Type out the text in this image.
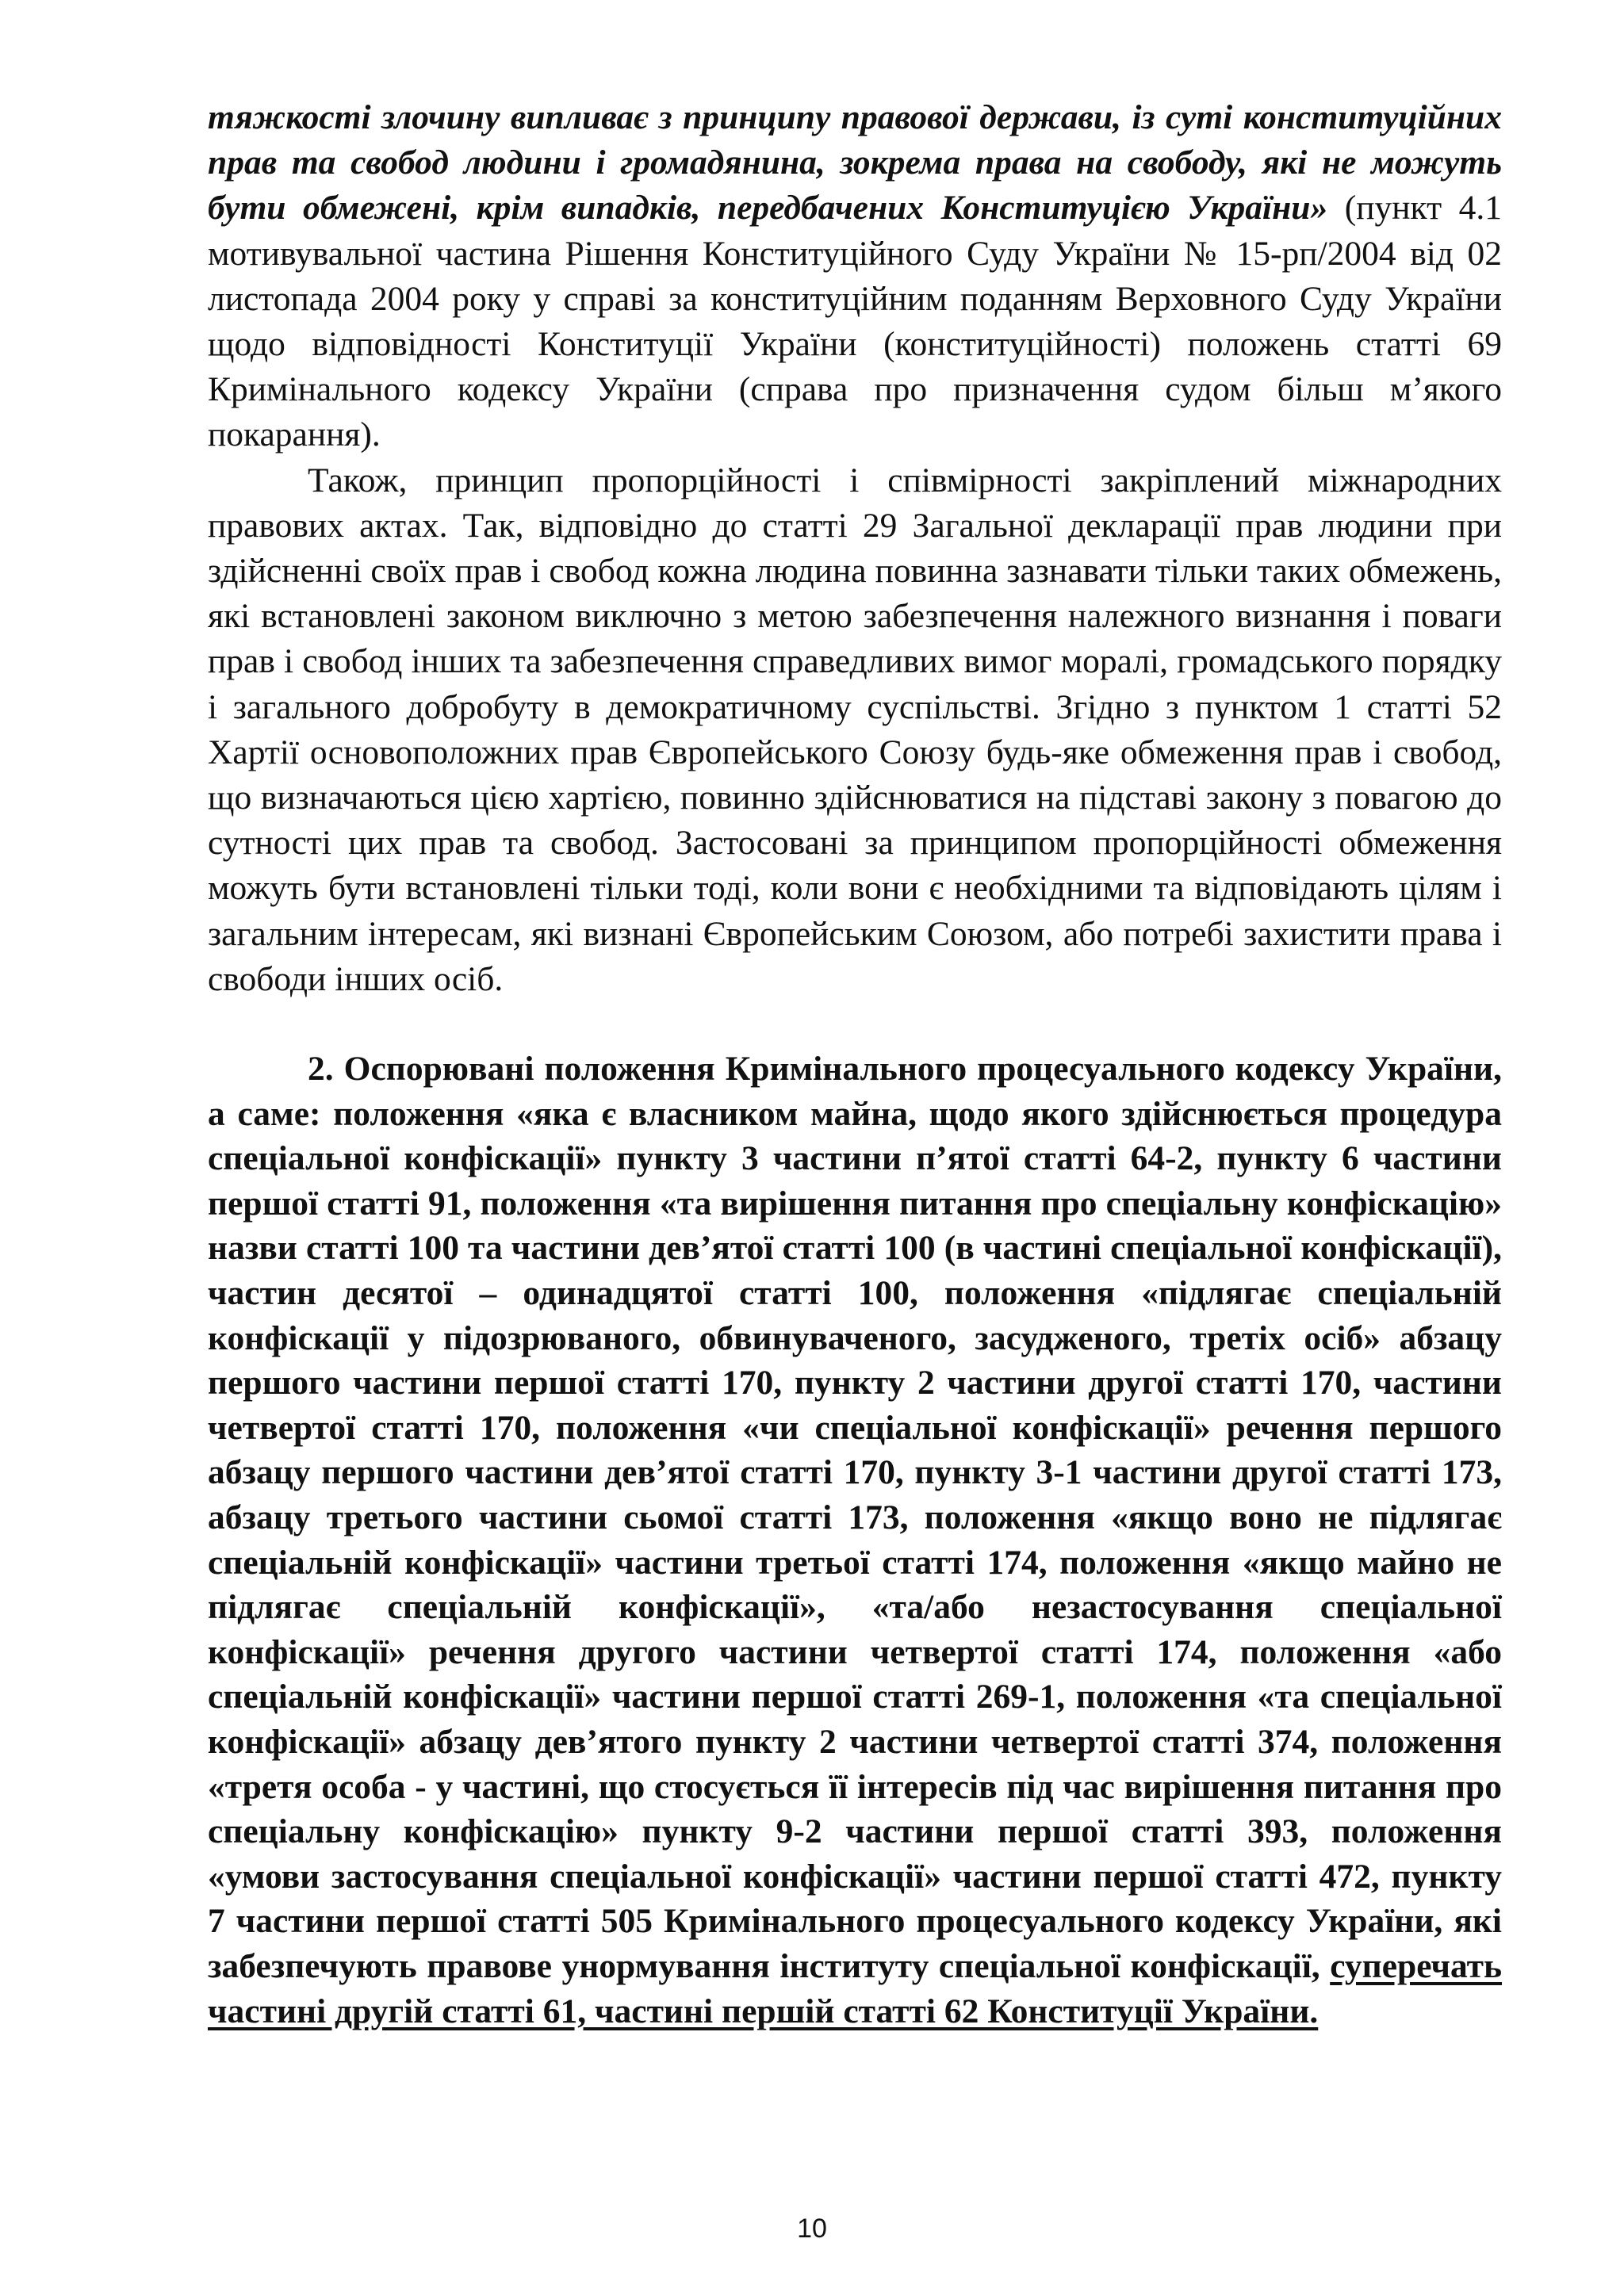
тяжкості злочину випливає з принципу правової держави, із суті конституційних прав та свобод людини і громадянина, зокрема права на свободу, які не можуть бути обмежені, крім випадків, передбачених Конституцією України» (пункт 4.1 мотивувальної частина Рішення Конституційного Суду України № 15-рп/2004 від 02 листопада 2004 року у справі за конституційним поданням Верховного Суду України щодо відповідності Конституції України (конституційності) положень статті 69 Кримінального кодексу України (справа про призначення судом більш м’якого покарання).

Також, принцип пропорційності і співмірності закріплений міжнародних правових актах. Так, відповідно до статті 29 Загальної декларації прав людини при здійсненні своїх прав і свобод кожна людина повинна зазнавати тільки таких обмежень, які встановлені законом виключно з метою забезпечення належного визнання і поваги прав і свобод інших та забезпечення справедливих вимог моралі, громадського порядку і загального добробуту в демократичному суспільстві. Згідно з пунктом 1 статті 52 Хартії основоположних прав Європейського Союзу будь-яке обмеження прав і свобод, що визначаються цією хартією, повинно здійснюватися на підставі закону з повагою до сутності цих прав та свобод. Застосовані за принципом пропорційності обмеження можуть бути встановлені тільки тоді, коли вони є необхідними та відповідають цілям і загальним інтересам, які визнані Європейським Союзом, або потребі захистити права і свободи інших осіб.

2. Оспорювані положення Кримінального процесуального кодексу України, а саме: положення «яка є власником майна, щодо якого здійснюється процедура спеціальної конфіскації» пункту 3 частини п’ятої статті 64-2, пункту 6 частини першої статті 91, положення «та вирішення питання про спеціальну конфіскацію» назви статті 100 та частини дев’ятої статті 100 (в частині спеціальної конфіскації), частин десятої – одинадцятої статті 100, положення «підлягає спеціальній конфіскації у підозрюваного, обвинуваченого, засудженого, третіх осіб» абзацу першого частини першої статті 170, пункту 2 частини другої статті 170, частини четвертої статті 170, положення «чи спеціальної конфіскації» речення першого абзацу першого частини дев’ятої статті 170, пункту 3-1 частини другої статті 173, абзацу третього частини сьомої статті 173, положення «якщо воно не підлягає спеціальній конфіскації» частини третьої статті 174, положення «якщо майно не підлягає спеціальній конфіскації», «та/або незастосування спеціальної конфіскації» речення другого частини четвертої статті 174, положення «або спеціальній конфіскації» частини першої статті 269-1, положення «та спеціальної конфіскації» абзацу дев’ятого пункту 2 частини четвертої статті 374, положення «третя особа - у частині, що стосується її інтересів під час вирішення питання про спеціальну конфіскацію» пункту 9-2 частини першої статті 393, положення «умови застосування спеціальної конфіскації» частини першої статті 472, пункту 7 частини першої статті 505 Кримінального процесуального кодексу України, які забезпечують правове унормування інституту спеціальної конфіскації, суперечать частині другій статті 61, частині першій статті 62 Конституції України.

10
